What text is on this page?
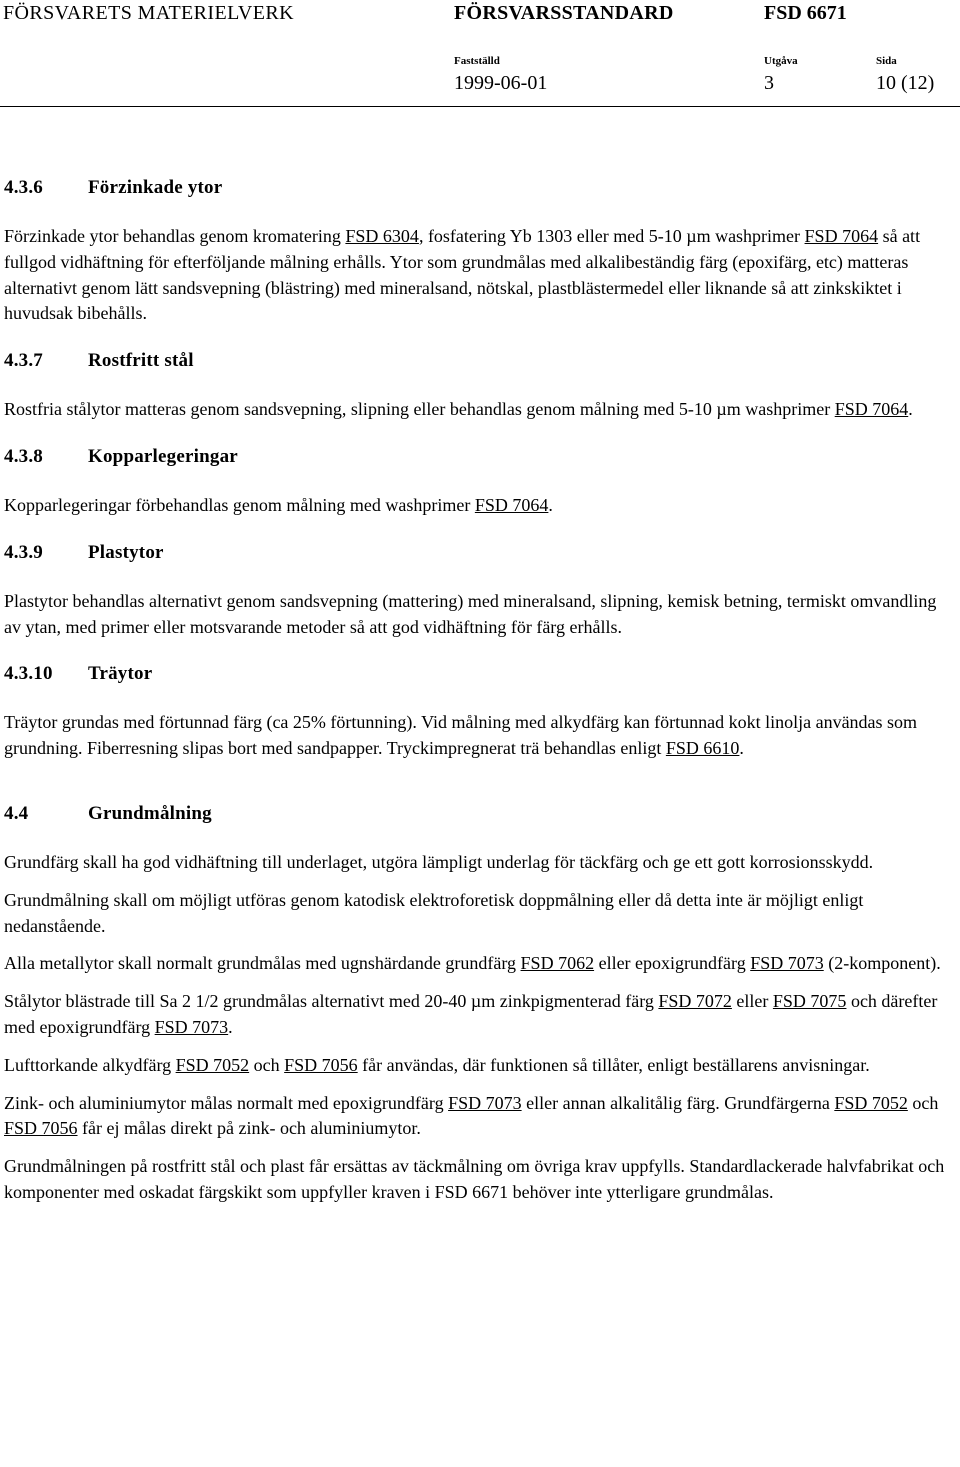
FÖRSVARETS MATERIELVERK	FÖRSVARSSTANDARD	FSD 6671
Fastställd
1999-06-01
Utgåva
3
Sida
10 (12)
4.3.6	Förzinkade ytor

Förzinkade ytor behandlas genom kromatering FSD 6304, fosfatering Yb 1303 eller med 5-10 µm washprimer FSD 7064 så att fullgod vidhäftning för efterföljande målning erhålls. Ytor som grundmålas med alkalibeständig färg (epoxifärg, etc) matteras alternativt genom lätt sandsvepning (blästring) med mineralsand, nötskal, plastblästermedel eller liknande så att zinkskiktet i huvudsak bibehålls.

4.3.7	Rostfritt stål

Rostfria stålytor matteras genom sandsvepning, slipning eller behandlas genom målning med 5-10 µm washprimer FSD 7064.

4.3.8	Kopparlegeringar

Kopparlegeringar förbehandlas genom målning med washprimer FSD 7064.

4.3.9	Plastytor

Plastytor behandlas alternativt genom sandsvepning (mattering) med mineralsand, slipning, kemisk betning, termiskt omvandling av ytan, med primer eller motsvarande metoder så att god vidhäftning för färg erhålls.

4.3.10	Träytor

Träytor grundas med förtunnad färg (ca 25% förtunning). Vid målning med alkydfärg kan förtunnad kokt linolja användas som grundning. Fiberresning slipas bort med sandpapper. Tryckimpregnerat trä behandlas enligt FSD 6610.

4.4	Grundmålning

Grundfärg skall ha god vidhäftning till underlaget, utgöra lämpligt underlag för täckfärg och ge ett gott korrosionsskydd.

Grundmålning skall om möjligt utföras genom katodisk elektroforetisk doppmålning eller då detta inte är möjligt enligt nedanstående.

Alla metallytor skall normalt grundmålas med ugnshärdande grundfärg FSD 7062 eller epoxigrundfärg FSD 7073 (2-komponent).

Stålytor blästrade till Sa 2 1/2 grundmålas alternativt med 20-40 µm zinkpigmenterad färg FSD 7072 eller FSD 7075 och därefter med epoxigrundfärg FSD 7073.

Lufttorkande alkydfärg FSD 7052 och FSD 7056 får användas, där funktionen så tillåter, enligt beställarens anvisningar.

Zink- och aluminiumytor målas normalt med epoxigrundfärg FSD 7073 eller annan alkalitålig färg. Grundfärgerna FSD 7052 och FSD 7056 får ej målas direkt på zink- och aluminiumytor.

Grundmålningen på rostfritt stål och plast får ersättas av täckmålning om övriga krav uppfylls. Standardlackerade halvfabrikat och komponenter med oskadat färgskikt som uppfyller kraven i FSD 6671 behöver inte ytterligare grundmålas.
